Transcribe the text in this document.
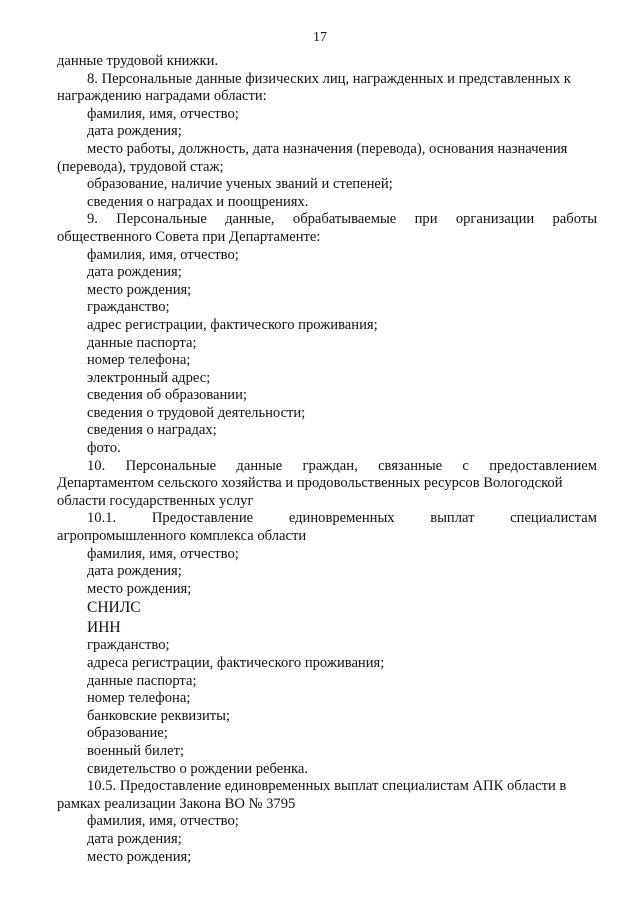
17
данные трудовой книжки.
8. Персональные данные физических лиц, награжденных и представленных к
награждению наградами области:
фамилия, имя, отчество;
дата рождения;
место работы, должность, дата назначения (перевода), основания назначения
(перевода), трудовой стаж;
образование, наличие ученых званий и степеней;
сведения о наградах и поощрениях.
9. Персональные данные, обрабатываемые при организации работы
общественного Совета при Департаменте:
фамилия, имя, отчество;
дата рождения;
место рождения;
гражданство;
адрес регистрации, фактического проживания;
данные паспорта;
номер телефона;
электронный адрес;
сведения об образовании;
сведения о трудовой деятельности;
сведения о наградах;
фото.
10. Персональные данные граждан, связанные с предоставлением
Департаментом сельского хозяйства и продовольственных ресурсов Вологодской
области государственных услуг
10.1. Предоставление единовременных выплат специалистам
агропромышленного комплекса области
фамилия, имя, отчество;
дата рождения;
место рождения;
СНИЛС
ИНН
гражданство;
адреса регистрации, фактического проживания;
данные паспорта;
номер телефона;
банковские реквизиты;
образование;
военный билет;
свидетельство о рождении ребенка.
10.5. Предоставление единовременных выплат специалистам АПК области в
рамках реализации Закона ВО № 3795
фамилия, имя, отчество;
дата рождения;
место рождения;
